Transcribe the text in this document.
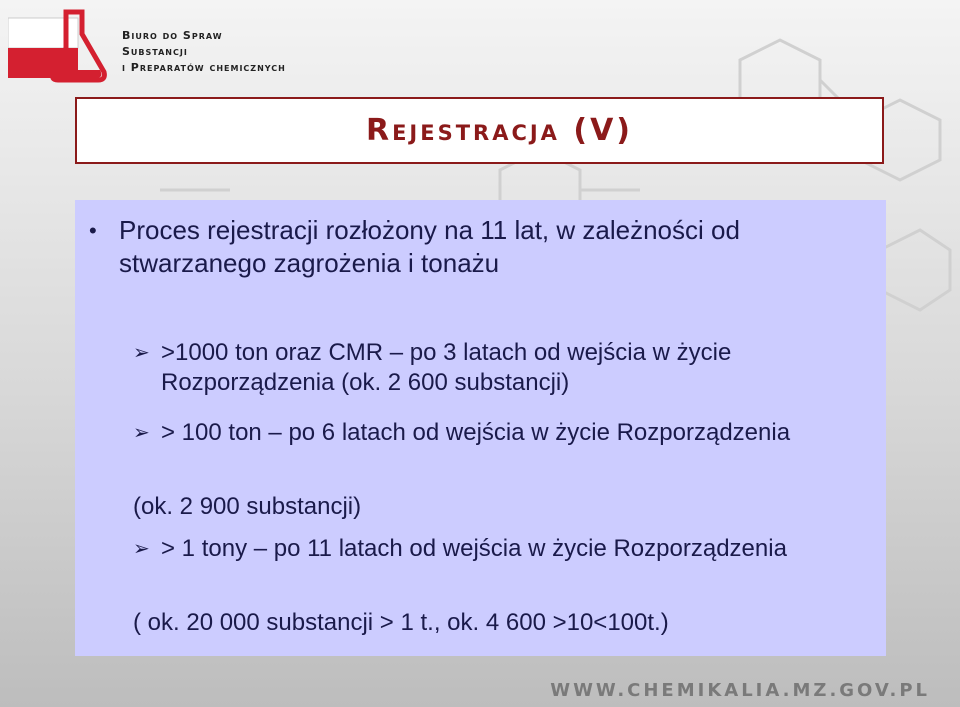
Biuro do Spraw
Substancji
i Preparatów chemicznych
Rejestracja (V)
• Proces rejestracji rozłożony na 11 lat, w zależności od stwarzanego zagrożenia i tonażu
➢ >1000 ton oraz CMR – po 3 latach od wejścia w życie Rozporządzenia (ok. 2 600 substancji)
➢ > 100 ton – po 6 latach od wejścia w życie Rozporządzenia
(ok. 2 900 substancji)
➢ > 1 tony – po 11 latach od wejścia w życie Rozporządzenia
( ok. 20 000 substancji > 1 t., ok. 4 600 >10<100t.)
WWW.CHEMIKALIA.MZ.GOV.PL
